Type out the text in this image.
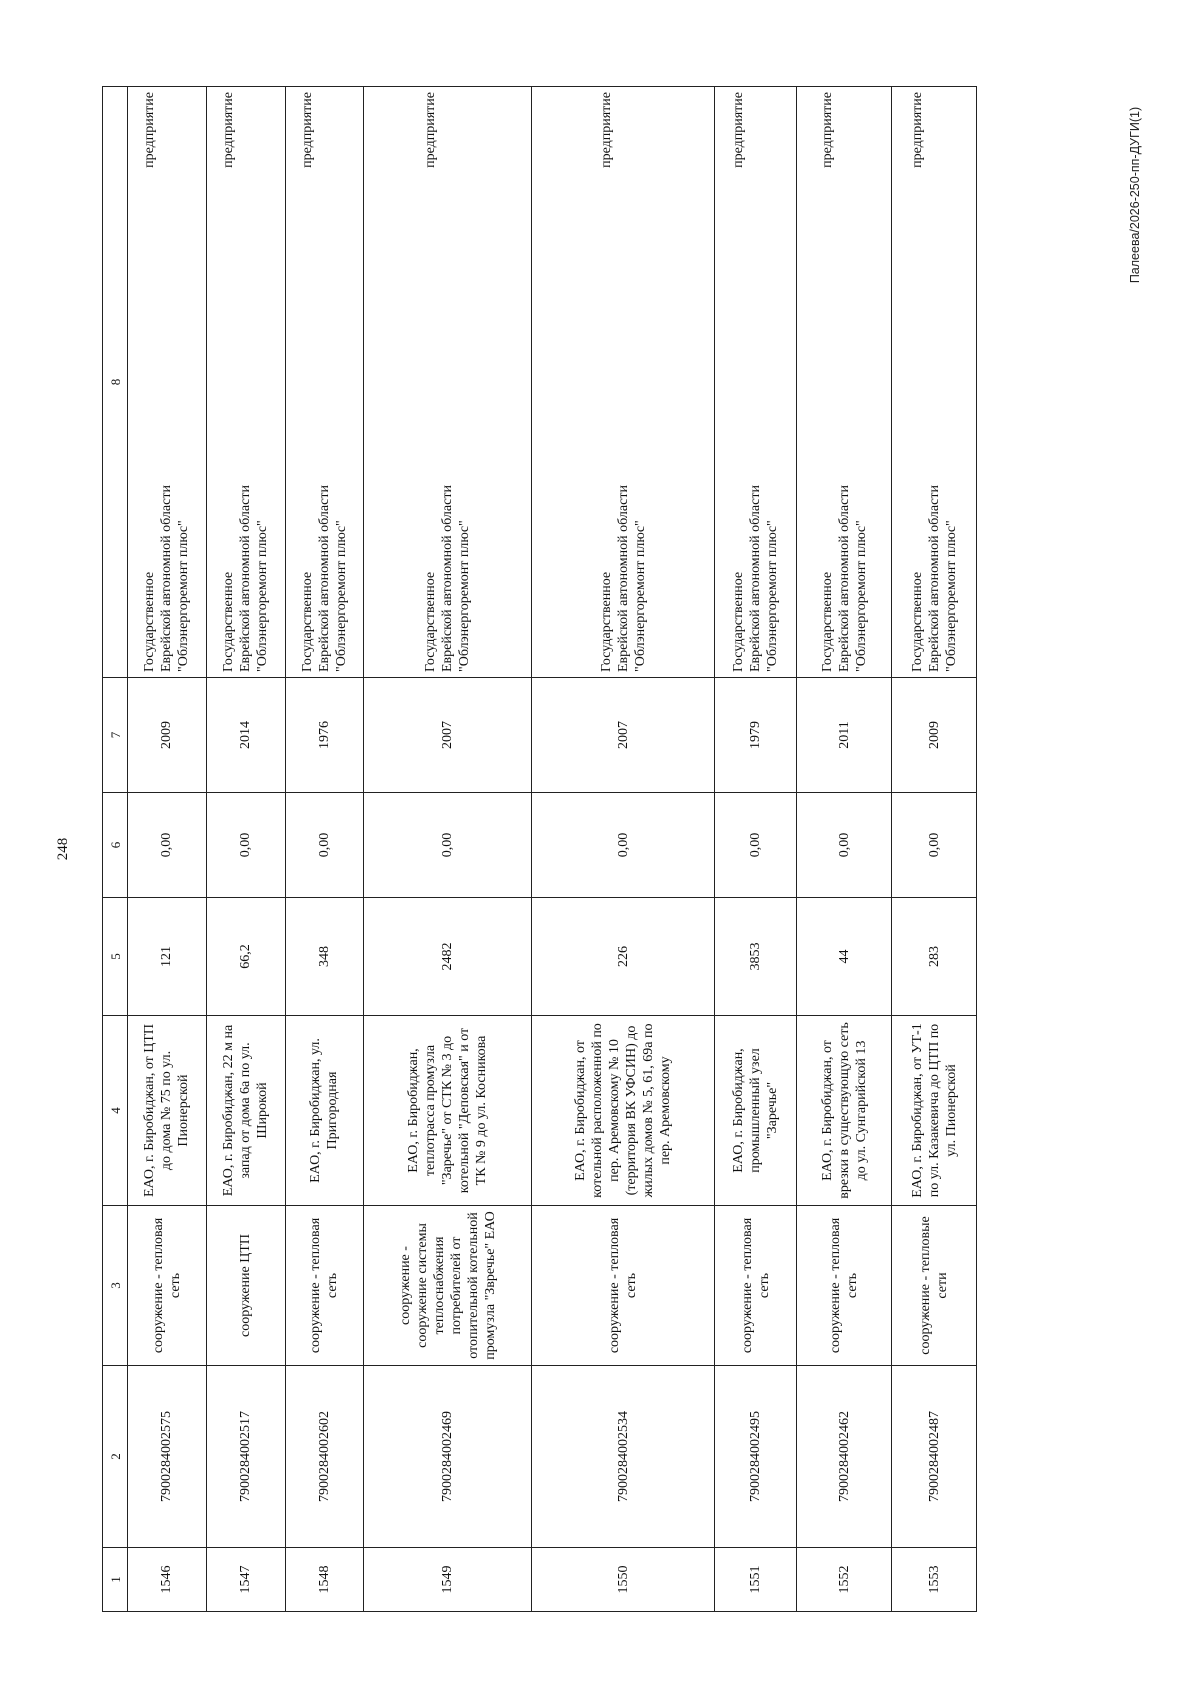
248
Палеева/2026-250-пп-ДУГИ(1)
1	2	3	4	5	6	7	8
1546	7900284002575	сооружение - тепловая сеть	ЕАО, г. Биробиджан, от ЦТП до дома № 75 по ул. Пионерской	121	0,00	2009	Государственное предприятие Еврейской автономной области "Облэнергоремонт плюс"

1547	7900284002517	сооружение ЦТП	ЕАО, г. Биробиджан, 22 м на запад от дома 6а по ул. Широкой	66,2	0,00	2014	Государственное предприятие Еврейской автономной области "Облэнергоремонт плюс"

1548	7900284002602	сооружение - тепловая сеть	ЕАО, г. Биробиджан, ул. Пригородная	348	0,00	1976	Государственное предприятие Еврейской автономной области "Облэнергоремонт плюс"

1549	7900284002469	сооружение - сооружение системы теплоснабжения потребителей от отопительной котельной промузла "Звречье" ЕАО	ЕАО, г. Биробиджан, теплотрасса промузла "Заречье" от СТК № 3 до котельной "Деповская" и от ТК № 9 до ул. Косникова	2482	0,00	2007	Государственное предприятие Еврейской автономной области "Облэнергоремонт плюс"

1550	7900284002534	сооружение - тепловая сеть	ЕАО, г. Биробиджан, от котельной расположенной по пер. Аремовскому № 10 (территория ВК УФСИН) до жилых домов № 5, 61, 69а по пер. Аремовскому	226	0,00	2007	Государственное предприятие Еврейской автономной области "Облэнергоремонт плюс"

1551	7900284002495	сооружение - тепловая сеть	ЕАО, г. Биробиджан, промышленный узел "Заречье"	3853	0,00	1979	Государственное предприятие Еврейской автономной области "Облэнергоремонт плюс"

1552	7900284002462	сооружение - тепловая сеть	ЕАО, г. Биробиджан, от врезки в существующую сеть до ул. Сунгарийской 13	44	0,00	2011	Государственное предприятие Еврейской автономной области "Облэнергоремонт плюс"

1553	7900284002487	сооружение - тепловые сети	ЕАО, г. Биробиджан, от УТ-1 по ул. Казакевича до ЦТП по ул. Пионерской	283	0,00	2009	Государственное предприятие Еврейской автономной области "Облэнергоремонт плюс"
